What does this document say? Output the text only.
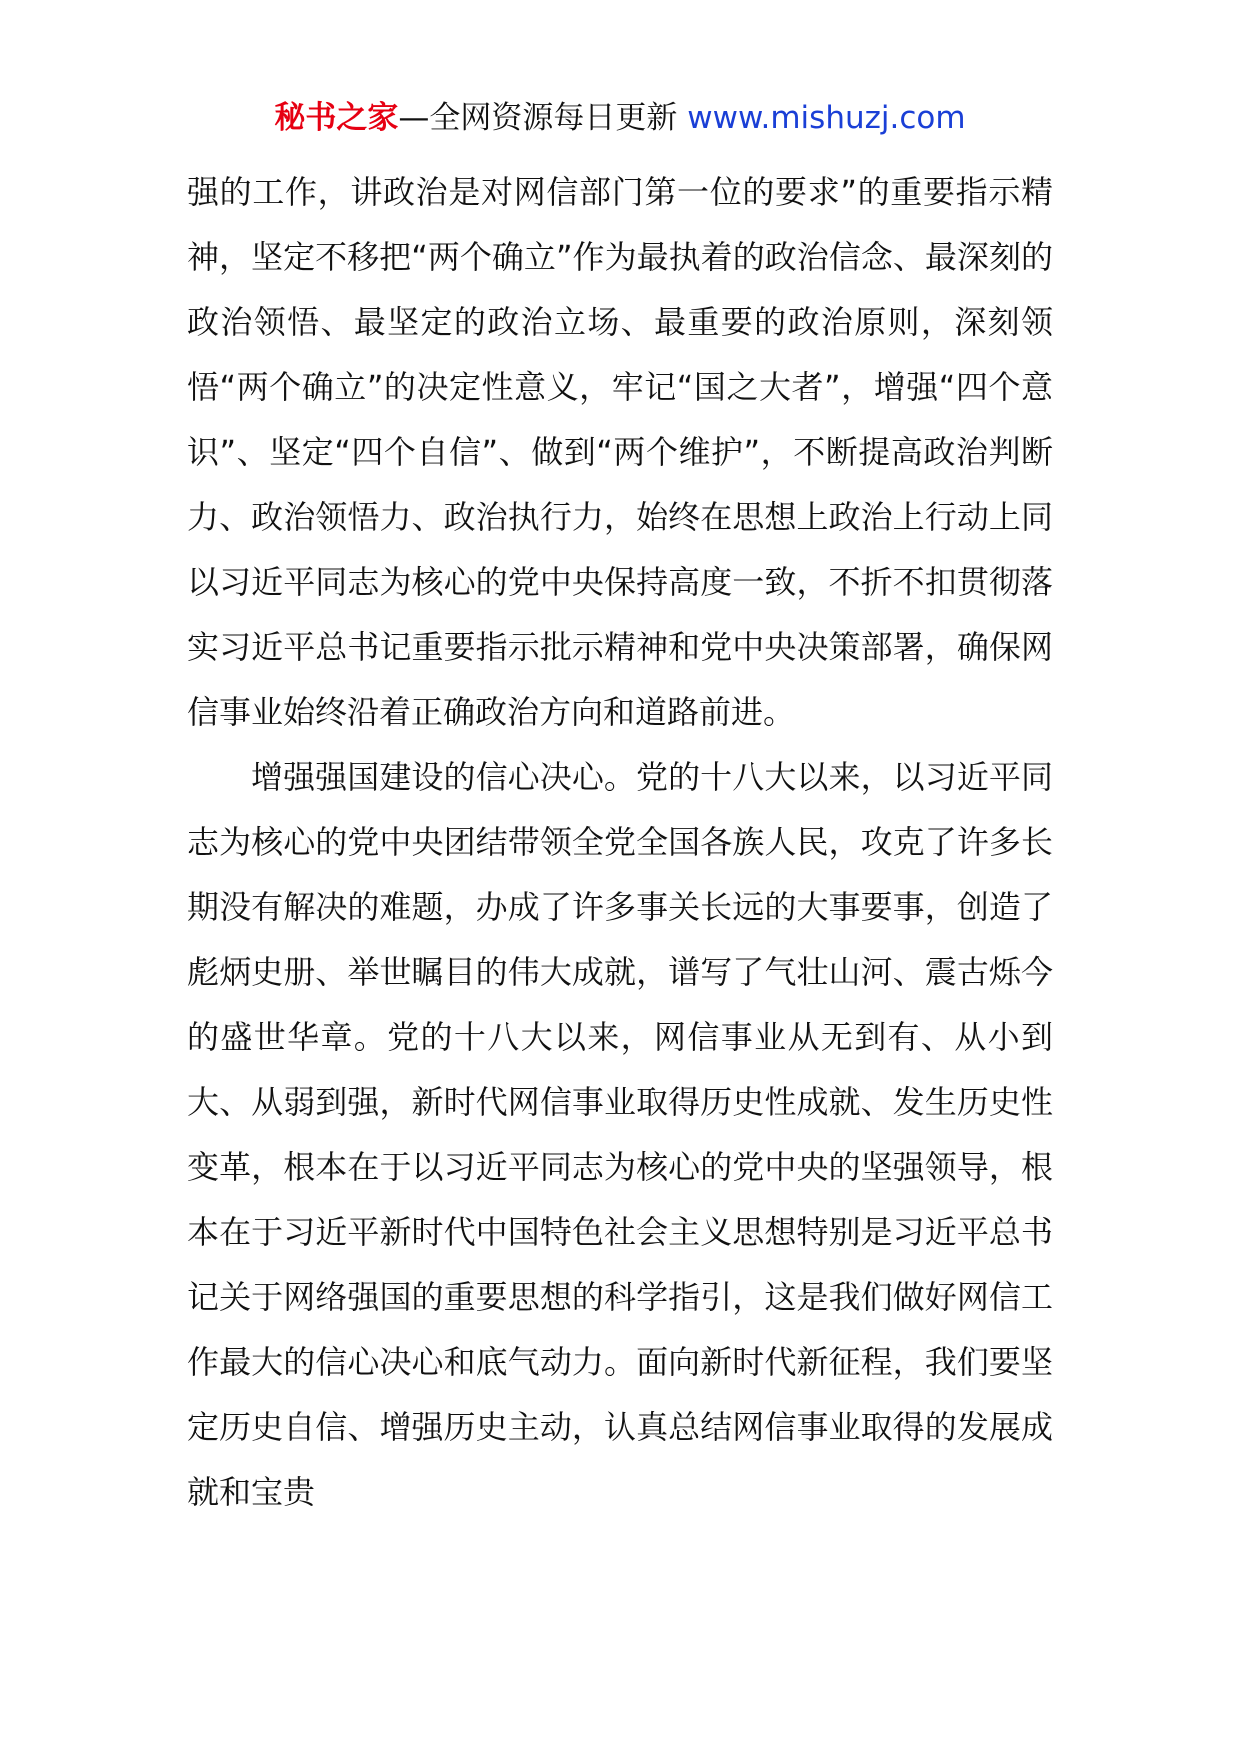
秘书之家—全网资源每日更新 www.mishuzj.com

强的工作，讲政治是对网信部门第一位的要求”的重要指示精神，坚定不移把“两个确立”作为最执着的政治信念、最深刻的政治领悟、最坚定的政治立场、最重要的政治原则，深刻领悟“两个确立”的决定性意义，牢记“国之大者”，增强“四个意识”、坚定“四个自信”、做到“两个维护”，不断提高政治判断力、政治领悟力、政治执行力，始终在思想上政治上行动上同以习近平同志为核心的党中央保持高度一致，不折不扣贯彻落实习近平总书记重要指示批示精神和党中央决策部署，确保网信事业始终沿着正确政治方向和道路前进。

增强强国建设的信心决心。党的十八大以来，以习近平同志为核心的党中央团结带领全党全国各族人民，攻克了许多长期没有解决的难题，办成了许多事关长远的大事要事，创造了彪炳史册、举世瞩目的伟大成就，谱写了气壮山河、震古烁今的盛世华章。党的十八大以来，网信事业从无到有、从小到大、从弱到强，新时代网信事业取得历史性成就、发生历史性变革，根本在于以习近平同志为核心的党中央的坚强领导，根本在于习近平新时代中国特色社会主义思想特别是习近平总书记关于网络强国的重要思想的科学指引，这是我们做好网信工作最大的信心决心和底气动力。面向新时代新征程，我们要坚定历史自信、增强历史主动，认真总结网信事业取得的发展成就和宝贵
